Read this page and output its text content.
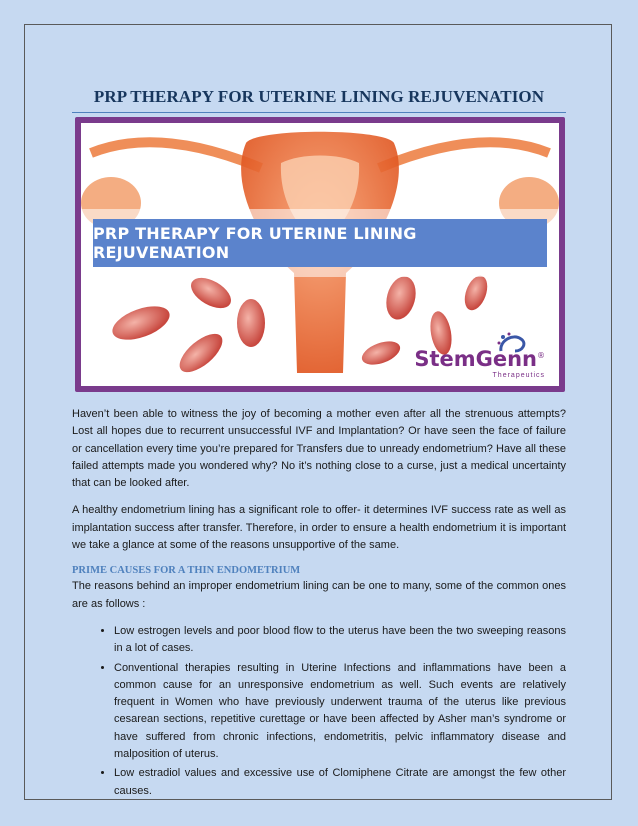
PRP THERAPY FOR UTERINE LINING REJUVENATION
PRP THERAPY FOR UTERINE LINING REJUVENATION
StemGenn®
Therapeutics

Haven’t been able to witness the joy of becoming a mother even after all the strenuous attempts? Lost all hopes due to recurrent unsuccessful IVF and Implantation? Or have seen the face of failure or cancellation every time you’re prepared for Transfers due to unready endometrium? Have all these failed attempts made you wondered why? No it’s nothing close to a curse, just a medical uncertainty that can be looked after.

A healthy endometrium lining has a significant role to offer- it determines IVF success rate as well as implantation success after transfer. Therefore, in order to ensure a health endometrium it is important we take a glance at some of the reasons unsupportive of the same.

PRIME CAUSES FOR A THIN ENDOMETRIUM

The reasons behind an improper endometrium lining can be one to many, some of the common ones are as follows :

• Low estrogen levels and poor blood flow to the uterus have been the two sweeping reasons in a lot of cases.
• Conventional therapies resulting in Uterine Infections and inflammations have been a common cause for an unresponsive endometrium as well. Such events are relatively frequent in Women who have previously underwent trauma of the uterus like previous cesarean sections, repetitive curettage or have been affected by Asher man’s syndrome or have suffered from chronic infections, endometritis, pelvic inflammatory disease and malposition of uterus.
• Low estradiol values and excessive use of Clomiphene Citrate are amongst the few other causes.
